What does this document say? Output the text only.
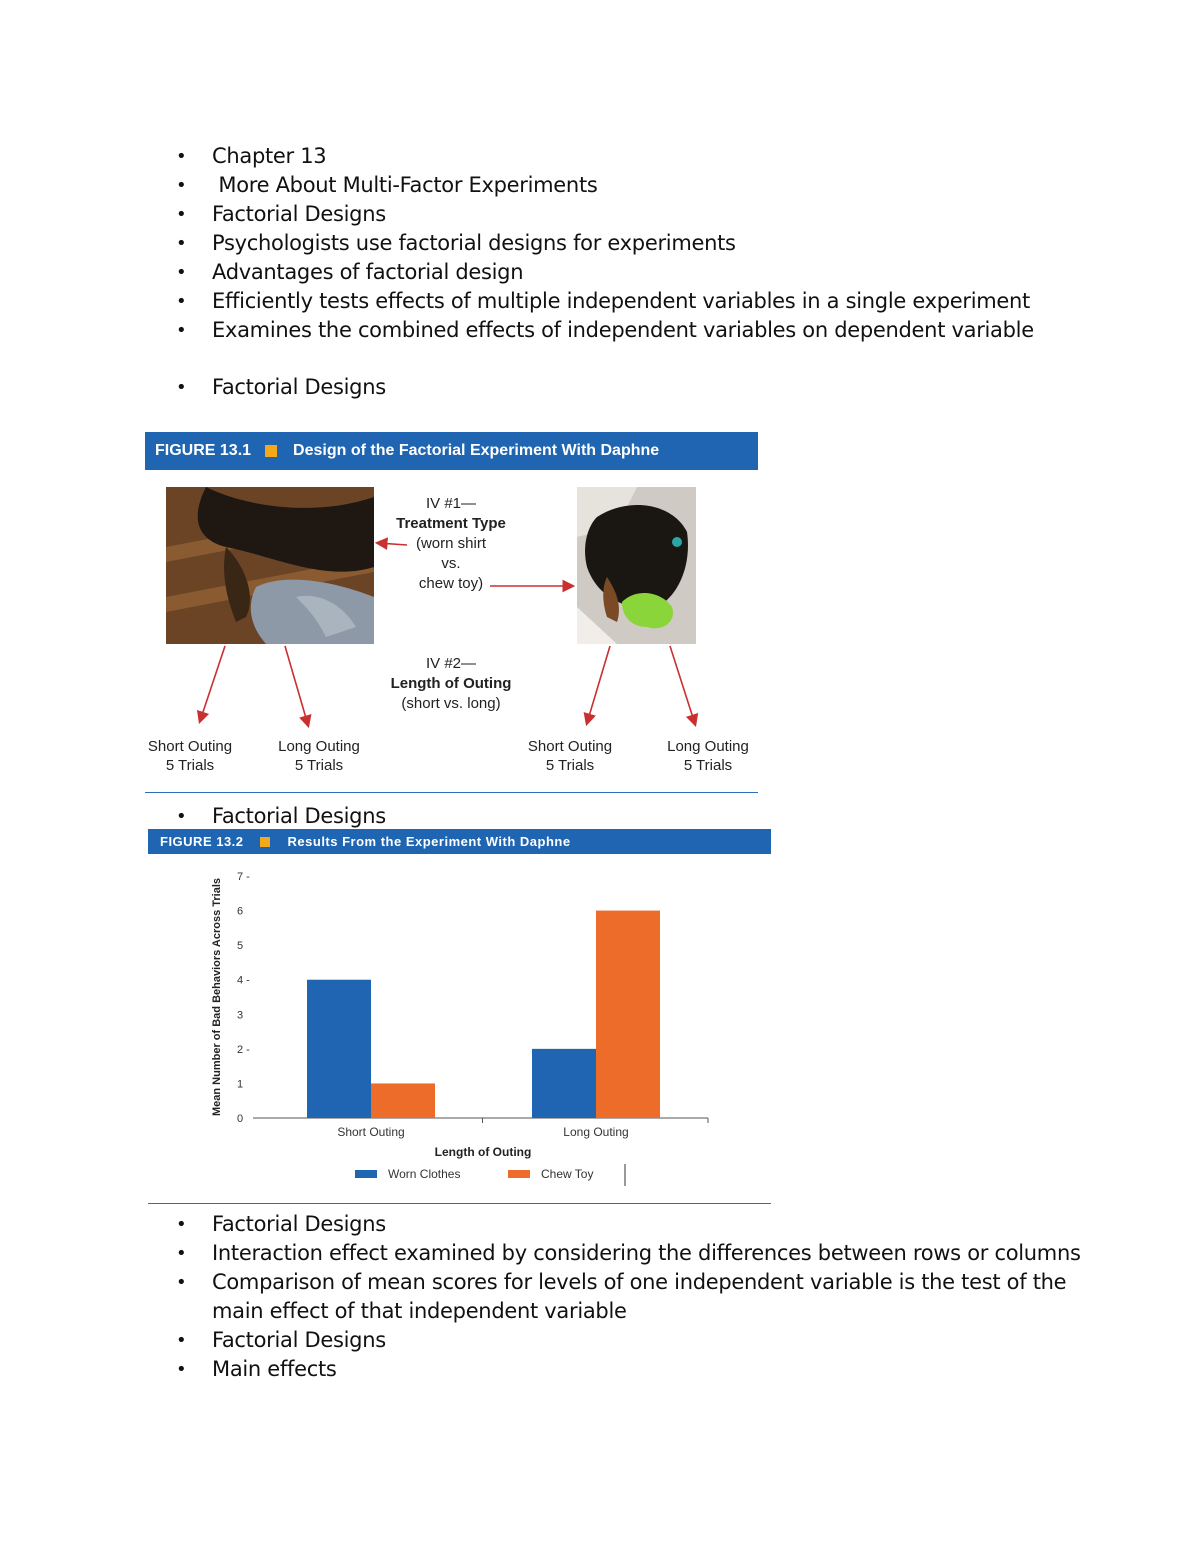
• Chapter 13
•  More About Multi-Factor Experiments
• Factorial Designs
• Psychologists use factorial designs for experiments
• Advantages of factorial design
• Efficiently tests effects of multiple independent variables in a single experiment
• Examines the combined effects of independent variables on dependent variable
• Factorial Designs
FIGURE 13.1	Design of the Factorial Experiment With Daphne
IV #1—
Treatment Type
(worn shirt
vs.
chew toy)
IV #2—
Length of Outing
(short vs. long)
Short Outing
5 Trials
Long Outing
5 Trials
Short Outing
5 Trials
Long Outing
5 Trials
• Factorial Designs
FIGURE 13.2	Results From the Experiment With Daphne
0
1
2 -
3
4 -
5
6
7 -
Mean Number of Bad Behaviors Across Trials
Short Outing	Long Outing
Length of Outing
Worn Clothes	Chew Toy
• Factorial Designs
• Interaction effect examined by considering the differences between rows or columns
• Comparison of mean scores for levels of one independent variable is the test of the main effect of that independent variable
• Factorial Designs
• Main effects
